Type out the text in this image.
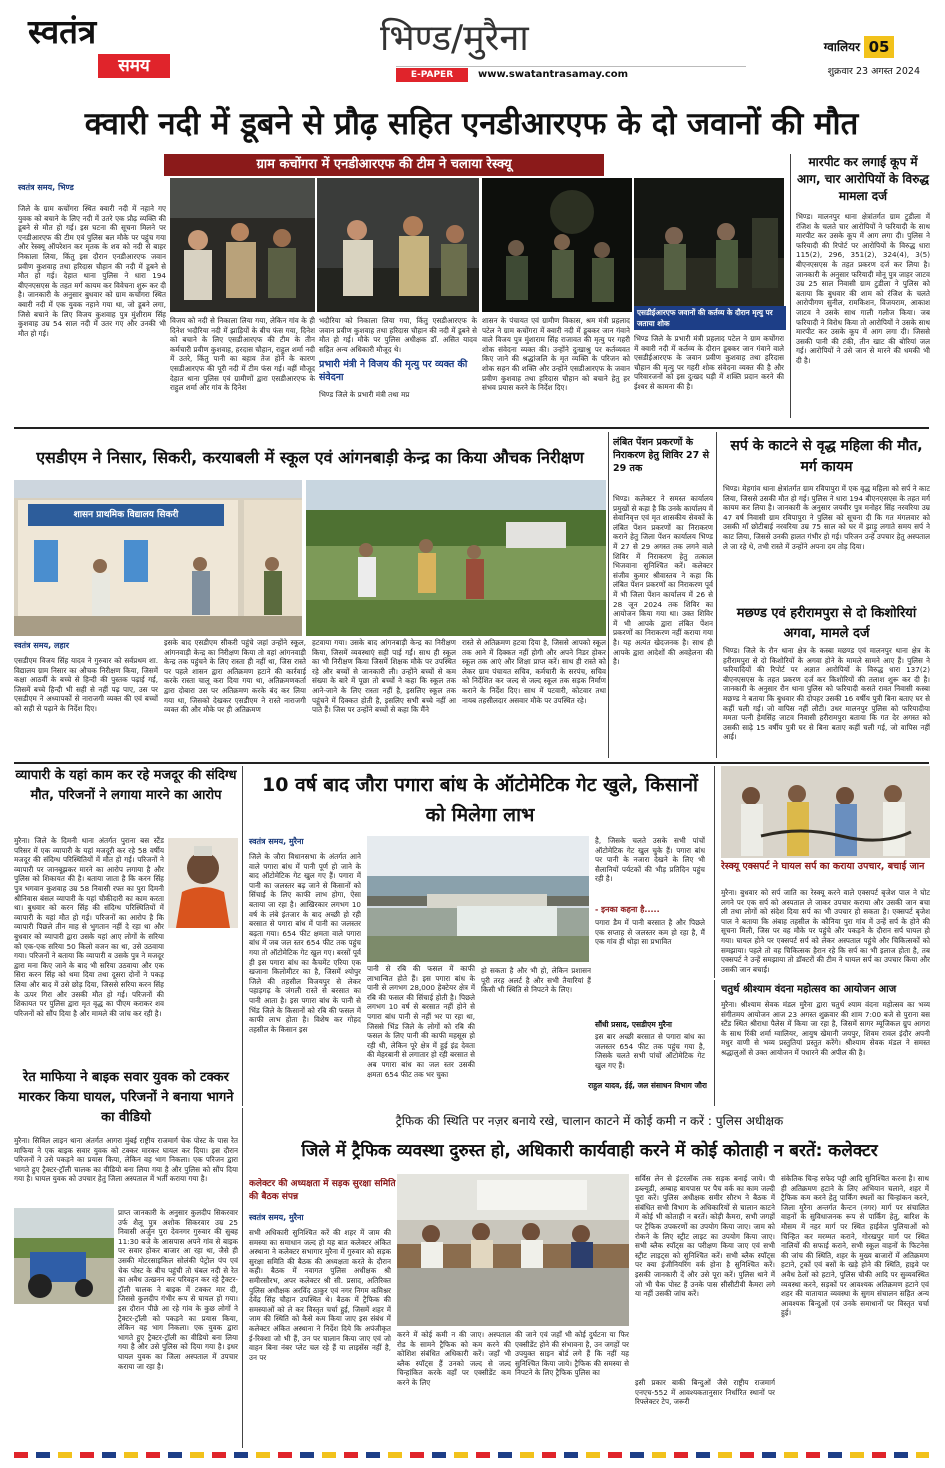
स्वतंत्र
समय
भिण्ड/मुरैना
E-PAPER	www.swatantrasamay.com
ग्वालियर 05
शुक्रवार 23 अगस्त 2024
क्वारी नदी में डूबने से प्रौढ़ सहित एनडीआरएफ के दो जवानों की मौत
ग्राम कचोंगरा में एनडीआरएफ की टीम ने चलाया रेस्क्यू
स्वतंत्र समय, भिण्ड
जिले के ग्राम कचोंगरा स्थित क्वारी नदी में नहाने गए युवक को बचाने के लिए नदी में उतरे एक प्रौढ़ व्यक्ति की डूबने से मौत हो गई। इस घटना की सूचना मिलने पर एनडीआरएफ की टीम एवं पुलिस बल मौके पर पहुंच गया और रेस्क्यू ऑपरेशन कर मृतक के शव को नदी से बाहर निकाला लिया, किंतु इस दौरान एनडीआरएफ जवान प्रवीण कुशवाह तथा हरिदास चौहान की नदी में डूबने से मौत हो गई। देहात थाना पुलिस ने धारा 194 बीएनएसएस के तहत मर्ग कायम कर विवेचना शुरू कर दी है। जानकारी के अनुसार बुधवार को ग्राम कचोंगरा स्थित क्वारी नदी में एक युवक नहाने गया था, जो डूबने लगा, जिसे बचाने के लिए विजय कुशवाह पुत्र मुंशीराम सिंह कुशवाह उम्र 54 साल नदी में उतर गए और उनकी भी मौत हो गई।
एसडीईआरएफ जवानों की कर्तव्य के दौरान मृत्यु पर जताया शोक
विजय को नदी से निकाला लिया गया, लेकिन गांव के ही दिनेश भदौरिया नदी में झाड़ियों के बीच फंस गया, दिनेश को बचाने के लिए एसडीआरएफ की टीम के तीन कर्मचारी प्रवीण कुशवाह, हरदास चौहान, राहुल शर्मा नदी में उतरे, किंतु पानी का बहाव तेज होने के कारण एसडीआरएफ की पूरी नदी में टीम फंस गई। वहीं मौजूद देहात थाना पुलिस एवं ग्रामीणों द्वारा एसडीआरएफ के राहुल शर्मा और गांव के दिनेश
भदौरिया को निकाला लिया गया, किंतु एसडीआरएफ के जवान प्रवीण कुशवाह तथा हरिदास चौहान की नदी में डूबने से मौत हो गई। मौके पर पुलिस अधीक्षक डॉ. असित यादव सहित अन्य अधिकारी मौजूद थे।
प्रभारी मंत्री ने विजय की मृत्यु पर व्यक्त की संवेदना
भिण्ड जिले के प्रभारी मंत्री तथा मप्र
शासन के पंचायत एवं ग्रामीण विकास, श्रम मंत्री प्रहलाद पटेल ने ग्राम कचोंगरा में क्वारी नदी में डूबकर जान गंवाने वाले विजय पुत्र मुंशाराम सिंह राजावत की मृत्यु पर गहरी शोक संवेदना व्यक्त की। उन्होंने दुःखाश्रु पर कर्तव्यवत किए जाने की श्रद्धांजलि के मृत व्यक्ति के परिजन को शोक सहन की शक्ति और उन्होंने एसडीआरएफ के जवान प्रवीण कुशवाह तथा हरिदास चौहान को बचाने हेतु हर संभव प्रयास करने के निर्देश दिए।
भिण्ड जिले के प्रभारी मंत्री प्रहलाद पटेल ने ग्राम कचोंगरा में क्वारी नदी में कर्तव्य के दौरान डूबकर जान गंवाने वाले एसडीईआरएफ के जवान प्रवीण कुशवाह तथा हरिदास चौहान की मृत्यु पर गहरी शोक संवेदना व्यक्त की है और परिवारजनों को इस दुःखद घड़ी में शक्ति प्रदान करने की ईश्वर से कामना की है।
मारपीट कर लगाई कूप में आग, चार आरोपियों के विरुद्ध मामला दर्ज
भिण्ड। मालनपुर थाना क्षेत्रांतर्गत ग्राम टुडीला में रंजिश के चलते चार आरोपियों ने फरियादी के साथ मारपीट कर उसके कूप में आग लगा दी। पुलिस ने फरियादी की रिपोर्ट पर आरोपियों के विरुद्ध धारा 115(2), 296, 351(2), 324(4), 3(5) बीएनएसएस के तहत प्रकरण दर्ज कर लिया है। जानकारी के अनुसार फरियादी मोनू पुत्र जाहर जाटव उम्र 25 साल निवासी ग्राम टुडीला ने पुलिस को बताया कि बुधवार की शाम को रंजिश के चलते आरोपीगण सुनील, रामकिशन, विजयराम, आकाश जाटव ने उसके साथ गाली गलौज किया। जब फरियादी ने विरोध किया तो आरोपियों ने उसके साथ मारपीट कर उसके कूप में आग लगा दी। जिससे उसकी पानी की टंकी, तीन खाट की बोरियां जल गई। आरोपियों ने उसे जान से मारने की धमकी भी दी है।
एसडीएम ने निसार, सिकरी, करयाबली में स्कूल एवं आंगनबाड़ी केन्द्र का किया औचक निरीक्षण
शासन प्राथमिक विद्यालय सिकरी
स्वतंत्र समय, लहार
एसडीएम विजय सिंह यादव ने गुरुवार को सर्वप्रथम शा. विद्यालय ग्राम निसार का औचक निरीक्षण किया, जिसमें कक्षा आठवीं के बच्चे से हिन्दी की पुस्तक पढ़ाई गई, जिसमें बच्चे हिन्दी भी सही से नहीं पढ़ पाए, उस पर एसडीएम ने अध्यापकों से नाराजगी व्यक्त की एवं बच्चों को सही से पढ़ाने के निर्देश दिए।
इसके बाद एसडीएम सीकरी पहुंचे जहां उन्होंने स्कूल, आंगनवाड़ी केन्द्र का निरीक्षण किया तो वहां आंगनवाड़ी केन्द्र तक पहुंचने के लिए रास्ता ही नहीं था, जिस रास्ते पर पहले शासन द्वारा अतिक्रमण हटाने की कार्रवाई करके रास्ता चालू करा दिया गया था, अतिक्रमणकर्ता द्वारा दोबारा उस पर अतिक्रमण करके बंद कर लिया गया था, जिसको देखकर एसडीएम ने रास्ते नाराजगी व्यक्त की और मौके पर ही अतिक्रमण
हटवाया गया। उसके बाद आंगनबाड़ी केन्द्र का निरीक्षण किया, जिसमें व्यवस्थाएं सही पाई गईं। साथ ही स्कूल का भी निरीक्षण किया जिसमें शिक्षक मौके पर उपस्थित रहे और बच्चों से जानकारी ली। उन्होंने बच्चों से कम संख्या के बारे में पूछा तो बच्चों ने कहा कि स्कूल तक आने-जाने के लिए रास्ता नहीं है, इसलिए स्कूल तक पहुंचने में दिक्कत होती है, इसलिए सभी बच्चे नहीं आ पाते हैं। जिस पर उन्होंने बच्चों से कहा कि मैंने
रास्ते से अतिक्रमण हटवा दिया है, जिससे आपको स्कूल तक आने में दिक्कत नहीं होगी और अपने निडर होकर स्कूल तक आएं और शिक्षा प्राप्त करें। साथ ही रास्ते को लेकर ग्राम पंचायत सचिव, कर्मचारी के सरपंच, सचिव को निर्देशित कर जल्द से जल्द स्कूल तक सड़क निर्माण कराने के निर्देश दिए। साथ में पटवारी, कोटवार तथा नायब तहसीलदार असवार मौके पर उपस्थित रहे।
लंबित पेंशन प्रकरणों के निराकरण हेतु शिविर 27 से 29 तक
भिण्ड। कलेक्टर ने समस्त कार्यालय प्रमुखों से कहा है कि उनके कार्यालय में सेवानिवृत्त एवं मृत शासकीय सेवकों के लंबित पेंशन प्रकरणों का निराकरण कराने हेतु जिला पेंशन कार्यालय भिण्ड में 27 से 29 अगस्त तक लगने वाले शिविर में निराकरण हेतु तत्काल भिजवाना सुनिश्चित करें। कलेक्टर संजीव कुमार श्रीवास्तव ने कहा कि लंबित पेंशन प्रकरणों का निराकरण पूर्व में भी जिला पेंशन कार्यालय में 26 से 28 जून 2024 तक शिविर का आयोजन किया गया था। उक्त शिविर में भी आपके द्वारा लंबित पेंशन प्रकरणों का निराकरण नहीं कराया गया है। यह अत्यंत खेदजनक है। साथ ही आपके द्वारा आदेशों की अवहेलना की है।
सर्प के काटने से वृद्ध महिला की मौत, मर्ग कायम
भिण्ड। मेहगांव थाना क्षेत्रांतर्गत ग्राम रविपापुरा में एक वृद्ध महिला को सर्प ने काट लिया, जिससे उसकी मौत हो गई। पुलिस ने धारा 194 बीएनएसएस के तहत मर्ग कायम कर लिया है। जानकारी के अनुसार जयवीर पुत्र मनोहर सिंह नरवरिया उम्र 47 वर्ष निवासी ग्राम रविपापुरा ने पुलिस को सूचना दी कि गत मंगलवार को उसकी माँ छोटीबाई नरवरिया उम्र 75 साल को घर में झाड़ू लगाते समय सर्प ने काट लिया, जिससे उनकी हालत गंभीर हो गई। परिजन उन्हें उपचार हेतु अस्पताल ले जा रहे थे, तभी रास्ते में उन्होंने अपना दम तोड़ दिया।
मछण्ड एवं हरीरामपुरा से दो किशोरियां अगवा, मामले दर्ज
भिण्ड। जिले के रौन थाना क्षेत्र के कस्बा मछण्ड एवं मालनपुर थाना क्षेत्र के हरीरामपुरा से दो किशोरियों के अगवा होने के मामले सामने आए हैं। पुलिस ने फरियादियों की रिपोर्ट पर अज्ञात आरोपियों के विरुद्ध धारा 137(2) बीएनएसएस के तहत प्रकरण दर्ज कर किशोरियों की तलाश शुरू कर दी है। जानकारी के अनुसार रौन थाना पुलिस को फरियादी कसते रावत निवासी कस्बा मछण्ड ने बताया कि बुधवार की दोपहर उसकी 16 वर्षीय पुत्री बिना बताए घर से कहीं चली गई। जो वापिस नहीं लौटी। उधर मालनपुर पुलिस को फरियादीया ममता पत्नी हेमसिंह जाटव निवासी हरीरामपुरा बताया कि गत देर अगस्त को उसकी साढ़े 15 वर्षीय पुत्री घर से बिना बताए कहीं चली गई, जो वापिस नहीं आई।
व्यापारी के यहां काम कर रहे मजदूर की संदिग्ध मौत, परिजनों ने लगाया मारने का आरोप
मुरैना। जिले के दिमनी थाना अंतर्गत पुराना बस स्टैंड परिसर में एक व्यापारी के यहां मजदूरी कर रहे 58 वर्षीय मजदूर की संदिग्ध परिस्थितियों में मौत हो गई। परिजनों ने व्यापारी पर जानबूझकर मारने का आरोप लगाया है और पुलिस को शिकायत की है। बताया जाता है कि करन सिंह पुत्र भगवान कुशवाह उम्र 58 निवासी रफ्त का पुरा दिमनी श्रीनिवास बंसल व्यापारी के यहां चौकीदारी का काम करता था। बुधवार को करन सिंह की संदिग्ध परिस्थितियों में व्यापारी के यहां मौत हो गई। परिजनों का आरोप है कि व्यापारी पिछले तीन माह से भुगतान नहीं दे रहा था और बुधवार को व्यापारी द्वारा उसके यहां आए लोगों के सरिया को एक-एक सरिया 50 किलो वजन का था, उसे उठवाया गया। परिजनों ने बताया कि व्यापारी व उसके पुत्र ने मजदूर द्वारा मना किए जाने के बाद भी सरिया उठवाया और एक सिरा करन सिंह को थमा दिया तथा दूसरा दोनों ने पकड़ लिया और बाद में उसे छोड़ दिया, जिससे सरिया करन सिंह के ऊपर गिरा और उसकी मौत हो गई। परिजनों की शिकायत पर पुलिस द्वारा मृत वृद्ध का पीएम कराकर शव परिजनों को सौंप दिया है और मामले की जांच कर रही है।
10 वर्ष बाद जौरा पगारा बांध के ऑटोमेटिक गेट खुले, किसानों को मिलेगा लाभ
स्वतंत्र समय, मुरैना
जिले के जौरा विधानसभा के अंतर्गत आने वाले पगारा बांध में पानी पूर्ण हो जाने के बाद ऑटोमेटिक गेट खुल गए हैं। पगारा में पानी का जलस्तर बढ़ जाने से किसानों को सिंचाई के लिए काफी लाभ होगा, ऐसा बताया जा रहा है। आखिरकार लगभग 10 वर्ष के लंबे इंतजार के बाद अच्छी हो रही बरसात से पगारा बांध में पानी का जलस्तर बढ़ता गया। 654 फीट क्षमता वाले पगारा बांध में जब जल स्तर 654 फीट तक पहुंच गया तो ऑटोमेटिक गेट खुल गए। बरसों पूर्व ही इस पगारा बांध का कैचमेंट एरिया एक खजाना किलोमीटर का है, जिसमें श्योपुर जिले की तहसील विजयपुर से लेकर पहाड़गढ़ के जंगली रास्ते से बरसात का पानी आता है। इस पगारा बांध के पानी से भिंड जिले के किसानों को रबि की फसल में काफी लाभ होता है। विशेष कर गोहद तहसील के किसान इस
पानी से रबि की फसल में काफी लाभान्वित होते हैं। इस पगारा बांध के पानी से लगभग 28,000 हेक्टेयर क्षेत्र में रबि की फसल की सिंचाई होती है। पिछले लगभग 10 वर्ष से बरसात नहीं होने से पगारा बांध पानी से नहीं भर पा रहा था, जिससे भिंड जिले के लोगों को रबि की फसल के लिए पानी की काफी महसूस हो रही थी, लेकिन पूरे क्षेत्र में हुई इंद्र देवता की मेहरबानी से लगातार हो रही बरसात से अब पगारा बांध का जल स्तर उसकी क्षमता 654 फीट तक भर चुका
हो सकता है और भी हो, लेकिन प्रशासन पूरी तरह अलर्ट है और सभी तैयारियां हैं किसी भी स्थिति से निपटने के लिए।
है, जिसके चलते उसके सभी पांचों ऑटोमेटिक गेट खुल चुके हैं। पगारा बांध पर पानी के नजारा देखने के लिए भी सैलानियों पर्यटकों की भीड़ प्रतिदिन पहुंच रही है।
- इनका कहना है.....
पगारा डैम में पानी बरसात है और पिछले एक सप्ताह से जलस्तर कम हो रहा है, मैं एक गांव ही थोड़ा सा प्रभावित
सौंधी प्रसाद, एसडीएम मुरैना
इस बार अच्छी बरसात से पगारा बांध का जलस्तर 654 फीट तक पहुंच गया है, जिसके चलते सभी पांचों ऑटोमेटिक गेट खुल गए हैं।
राहुल यादव, ईई, जल संसाधन विभाग जौरा
रेस्क्यू एक्सपर्ट ने घायल सर्प का कराया उपचार, बचाई जान
मुरैना। बुधवार को सर्प जाति का रेस्क्यू करने वाले एक्सपर्ट बृजेश पाल ने घोट लगने पर एक सर्प को अस्पताल ले जाकर उपचार कराया और उसकी जान बचा ली तथा लोगों को संदेश दिया सर्प का भी उपचार हो सकता है। एक्सपर्ट बृजेश पाल ने बताया कि अंबाह तहसील के कौनिया पुरा गांव में उन्हें सर्प के होने की सूचना मिली, जिस पर वह मौके पर पहुंचे और पकड़ने के दौरान सर्प घायल हो गया। घायल होने पर एक्सपर्ट सर्प को लेकर अस्पताल पहुंचे और चिकित्सकों को समझाया। पहले तो वह चिकित्सक हैरान रहे कि सर्प का भी इलाज होता है, तब एक्सपर्ट ने उन्हें समझाया तो डॉक्टरों की टीम ने घायल सर्प का उपचार किया और उसकी जान बचाई।
चतुर्थ श्रीश्याम वंदना महोत्सव का आयोजन आज
मुरैना। श्रीश्याम सेवक मंडल मुरैना द्वारा चतुर्थ श्याम वंदना महोत्सव का भव्य संगीतमय आयोजन आज 23 अगस्त शुक्रवार की शाम 7:00 बजे से पुराना बस स्टैंड स्थित श्रीराधा पैलेस में किया जा रहा है, जिसमें सागर म्यूजिकल ग्रुप आगरा के साथ रिंकी शर्मा ग्वालियर, आयुष खेमानी जयपुर, शिवम रावल इंदौर अपनी मधुर वाणी से भव्य प्रस्तुतियां प्रस्तुत करेंगे। श्रीश्याम सेवक मंडल ने समस्त श्रद्धालुओं से उक्त आयोजन में पधारने की अपील की है।
रेत माफिया ने बाइक सवार युवक को टक्कर मारकर किया घायल, परिजनों ने बनाया भागने का वीडियो
मुरैना। सिविल लाइन थाना अंतर्गत आगरा मुंबई राष्ट्रीय राजमार्ग चेक पोस्ट के पास रेत माफिया ने एक बाइक सवार युवक को टक्कर मारकर घायल कर दिया। इस दौरान परिजनों ने उसे पकड़ने का प्रयास किया, लेकिन वह भाग निकला। एक परिजन द्वारा भागते हुए ट्रैक्टर-ट्रॉली चालक का वीडियो बना लिया गया है और पुलिस को सौंप दिया गया है। घायल युवक को उपचार हेतु जिला अस्पताल में भर्ती कराया गया है।
प्राप्त जानकारी के अनुसार कुलदीप सिकरवार उर्फ शैलू पुत्र अशोक सिकरवार उम्र 25 निवासी अर्जुन पुरा देवनगर गुरुवार की सुबह 11:30 बजे के आसपास अपने गांव से बाइक पर सवार होकर बाजार आ रहा था, जैसे ही उसकी मोटरसाइकिल सोलंकी पेट्रोल पंप एवं चेक पोस्ट के बीच पहुंची तो चंबल नदी से रेत का अवैध उत्खनन कर परिवहन कर रहे ट्रैक्टर-ट्रॉली चालक ने बाइक में टक्कर मार दी, जिससे कुलदीप गंभीर रूप से घायल हो गया। इस दौरान पीछे आ रहे गांव के कुछ लोगों ने ट्रैक्टर-ट्रॉली को पकड़ने का प्रयास किया, लेकिन वह भाग निकला। एक युवक द्वारा भागते हुए ट्रैक्टर-ट्रॉली का वीडियो बना लिया गया है और उसे पुलिस को दिया गया है। इधर घायल युवक का जिला अस्पताल में उपचार कराया जा रहा है।
ट्रैफिक की स्थिति पर नज़र बनाये रखे, चालान काटने में कोई कमी न करें : पुलिस अधीक्षक
जिले में ट्रैफिक व्यवस्था दुरुस्त हो, अधिकारी कार्यवाही करने में कोई कोताही न बरतें: कलेक्टर
कलेक्टर की अध्यक्षता में सड़क सुरक्षा समिति की बैठक संपन्न
स्वतंत्र समय, मुरैना
सभी अधिकारी सुनिश्चित करें की शहर में जाम की समस्या का समाधान जल्द हो यह बात कलेक्टर अंकित अस्थाना ने कलेक्टर सभागार मुरैना में गुरुवार को सड़क सुरक्षा समिति की बैठक की अध्यक्षता करते के दौरान कही। बैठक में नवागत पुलिस अधीक्षक श्री समीरसौरभ, अपर कलेक्टर श्री सी. प्रसाद, अतिरिक्त पुलिस अधीक्षक अरविंद ठाकुर एवं नगर निगम कमिश्नर देवेंद्र सिंह चौहान उपस्थित थे। बैठक में ट्रैफिक की समस्याओं को ले कर विस्तृत चर्चा हुई, जिसमें शहर में जाम की स्थिति को कैसे कम किया जाए इस संबंध में कलेक्टर अंकित अस्थाना ने निर्देश दिये कि अपंजीकृत ई-रिक्शा जो भी हैं, उन पर चालान किया जाए एवं जो वाहन बिना नंबर प्लेट चल रहे हैं या लाइसेंस नहीं है, उन पर
करने में कोई कमी न की जाए। अस्पताल रोड के सामने ट्रैफिक को कम करने की कोशिश संबंधित अधिकारी करें। जहाँ भी ब्लैक स्पॉट्स हैं उनको जल्द से जल्द चिन्हांकित करके वहाँ पर एक्सीडेंट कम करने के लिए
की जाने एवं जहाँ भी कोई दुर्घटना या फिर एक्सीडेंट होने की संभावना है, उन जगहों पर उपयुक्त साइन बोर्ड लगे हैं कि नहीं यह सुनिश्चित किया जाये। ट्रैफिक की समस्या से निपटने के लिए ट्रैफिक पुलिस का
सर्विस लेन से इंटरलॉक तक सड़क बनाई जाये। पी डब्ल्यूडी, अम्बाह बायपास पर पैच वर्क का काम जल्दी पूरा करें। पुलिस अधीक्षक समीर सौरभ ने बैठक में संबंधित सभी विभाग के अधिकारियों से चालान काटने में कोई भी कोताही न बरतें। कोड़ी कैमरा, सभी जगहों पर ट्रैफिक उपकरणों का उपयोग किया जाए। जाम को रोकने के लिए स्ट्रीट लाइट का उपयोग किया जाए। सभी ब्लैक स्पॉट्स का परीक्षण किया जाए एवं सभी स्ट्रीट लाइट्स को सुनिश्चित करें। सभी ब्लैक स्पॉट्स पर क्या इंजीनियरिंग वर्क होना है सुनिश्चित करें। इसकी जानकारी दें और उसे पूरा करें। पुलिस थाने में जो भी चैक पोस्ट हैं उनके पास सीसीटीवी कैमरा लगे या नहीं उसकी जांच करें।
इसी प्रकार बाकी बिन्दुओं जैसे राष्ट्रीय राजमार्ग एनएच-552 में आवश्यकतानुसार निर्धारित स्थानों पर रिफ्लेक्टर टेप, जरूरी
संकेतिक चिन्ह सफेद पट्टी आदि सुनिश्चित करना है। साथ ही अतिक्रमण हटाने के लिए अभियान चलाने, शहर में ट्रैफिक कम करने हेतु पार्किंग स्थलों का चिन्हांकन करने, जिला मुरैना अन्तर्गत कैन्टन (नगर) मार्ग पर संचालित वाहनों के सुविधाजनक रूप से पार्किंग हेतु, बारिश के मौसम में नहर मार्ग पर स्थित हाईवेज पुलियाओं को चिन्हित कर मरम्मत कराने, गोरखपुर मार्ग पर स्थित नालियों की सफाई कराने, सभी स्कूल वाहनों के फिटनेस की जांच की स्थिति, शहर के मुख्य बाजारों में अतिक्रमण हटाने, ट्रकों एवं बसों के खड़े होने की स्थिति, हाइवे पर अवैध ठेलों को हटाने, पुलिस चौकी आदि पर सुव्यवस्थित व्यवस्था करने, सड़कों पर आवश्यक अतिक्रमण हटाने एवं शहर की यातायात व्यवस्था के सुगम संचालन सहित अन्य आवश्यक बिन्दुओं एवं उनके समाधानों पर विस्तृत चर्चा हुई।
